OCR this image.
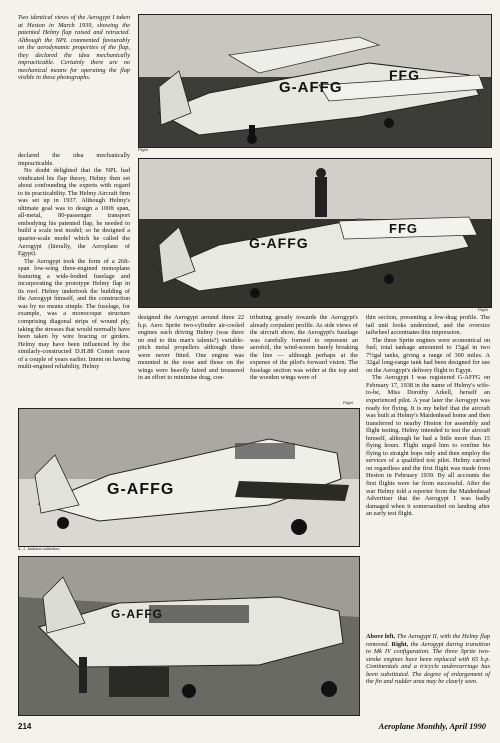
Two identical views of the Aerogypt I taken at Heston in March 1939, showing the patented Helmy flap raised and retracted. Although the NPL commented favourably on the aerodynamic properties of the flap, they declared the idea mechanically impracticable. Certainly there are no mechanical means for operating the flap visible in these photographs.

G-AFFG
FFG
Flight

declared the idea mechanically impracticable.

No doubt delighted that the NPL had vindicated his flap theory, Helmy then set about confounding the experts with regard to its practicability. The Helmy Aircraft firm was set up in 1937. Although Helmy's ultimate goal was to design a 100ft span, all-metal, 80-passenger transport embodying his patented flap, he needed to build a scale test model; so he designed a quarter-scale model which he called the Aerogypt (literally, the Aeroplane of Egypt).

The Aerogypt took the form of a 26ft-span low-wing three-engined monoplane featuring a wide-bodied fuselage and incorporating the prototype Helmy flap in its roof. Helmy undertook the building of the Aerogypt himself, and the construction was by no means simple. The fuselage, for example, was a monocoque structure comprising diagonal strips of wound ply, taking the stresses that would normally have been taken by wire bracing or girders. Helmy may have been influenced by the similarly-constructed D.H.88 Comet racer of a couple of years earlier. Intent on having multi-engined reliability, Helmy

G-AFFG
FFG
Flight

designed the Aerogypt around three 22 h.p. Aero Sprite two-cylinder air-cooled engines each driving Helmy (was there no end to this man's talents?) variable-pitch metal propellers although these were never fitted. One engine was mounted in the nose and those on the wings were heavily faired and trousered in an effort to minimise drag, con-

tributing greatly towards the Aerogypt's already corpulent profile. As side views of the aircraft show, the Aerogypt's fuselage was carefully formed to represent an aerofoil, the wind-screen barely breaking the line — although perhaps at the expense of the pilot's forward vision. The fuselage section was wider at the top and the wooden wings were of

Flight

thin section, presenting a low-drag profile. The tail unit looks undersized, and the oversize tailwheel accentuates this impression.

The three Sprite engines were economical on fuel; total tankage amounted to 15gal in two 7½gal tanks, giving a range of 300 miles. A 32gal long-range tank had been designed for use on the Aerogypt's delivery flight to Egypt.

The Aerogypt I was registered G-AFFG on February 17, 1938 in the name of Helmy's wife-to-be, Miss Dorothy Arkell, herself an experienced pilot. A year later the Aerogypt was ready for flying. It is my belief that the aircraft was built at Helmy's Maidenhead home and then transferred to nearby Heston for assembly and flight testing. Helmy intended to test the aircraft himself, although he had a little more than 15 flying hours. Flight urged him to confine his flying to straight hops only and then employ the services of a qualified test pilot. Helmy carried on regardless and the first flight was made from Heston in February 1939. By all accounts the first flights were far from successful. After the war Helmy told a reporter from the Maidenhead Advertiser that the Aerogypt I was badly damaged when it somersaulted on landing after an early test flight.

G-AFFG
A. J. Jackson collection
G-AFFG

Above left, The Aerogypt II, with the Helmy flap removed. Right, the Aerogypt during transition to Mk IV configuration. The three Sprite two-stroke engines have been replaced with 65 h.p. Continentals and a tricycle undercarriage has been substituted. The degree of enlargement of the fin and rudder area may be clearly seen.

214	Aeroplane Monthly, April 1990
